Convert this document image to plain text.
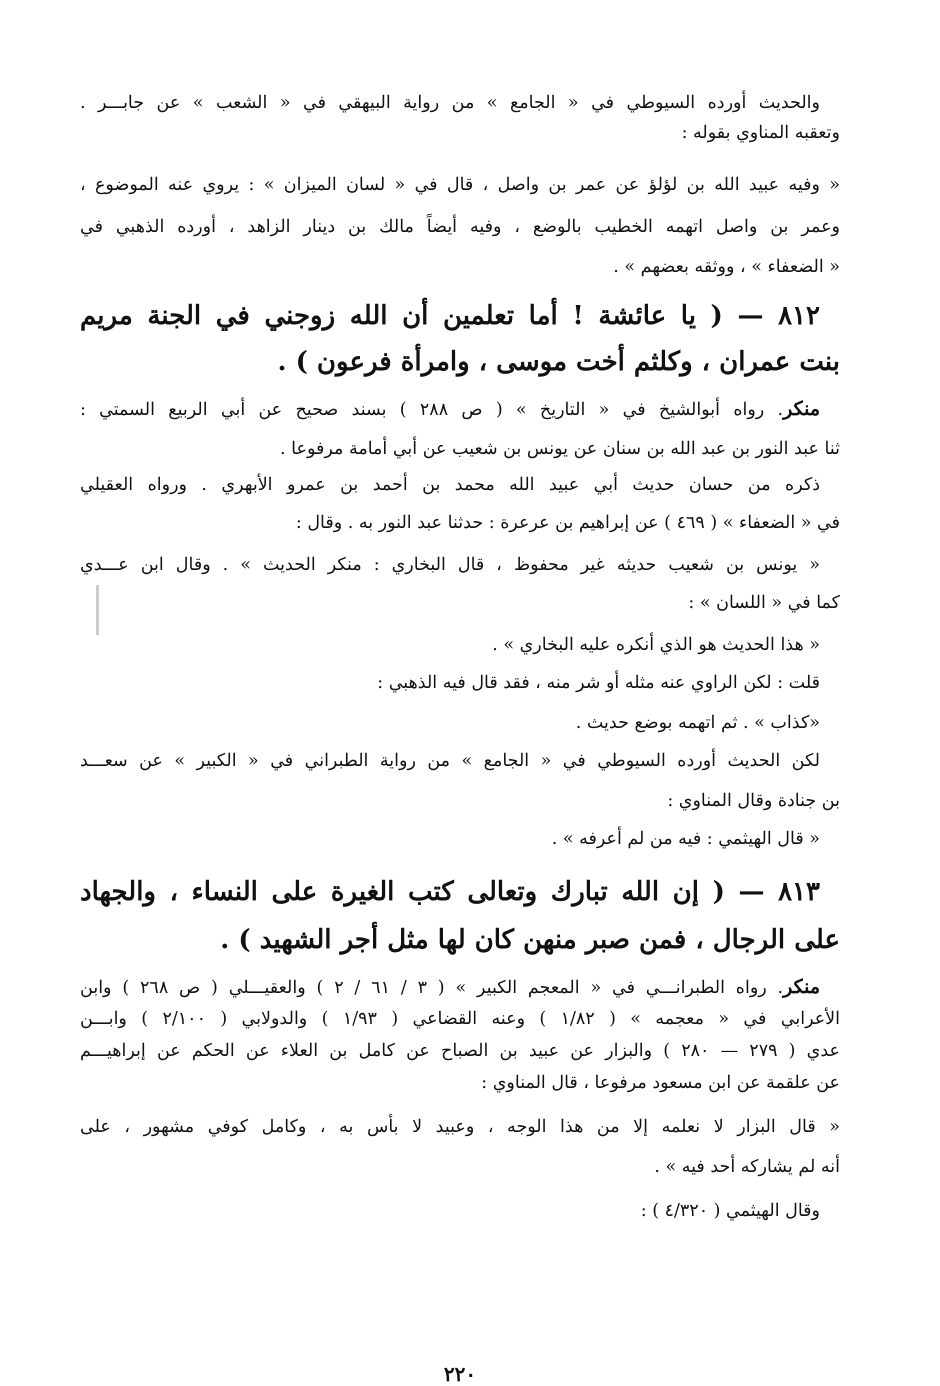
والحديث أورده السيوطي في « الجامع » من رواية البيهقي في « الشعب » عن جابـــر .
وتعقبه المناوي بقوله :
« وفيه عبيد الله بن لؤلؤ عن عمر بن واصل ، قال في « لسان الميزان » : يروي عنه الموضوع ،
وعمر بن واصل اتهمه الخطيب بالوضع ، وفيه أيضاً مالك بن دينار الزاهد ، أورده الذهبي في
« الضعفاء » ، ووثقه بعضهم » .
٨١٢ — ( يا عائشة ! أما تعلمين أن الله زوجني في الجنة مريم
بنت عمران ، وكلثم أخت موسى ، وامرأة فرعون ) .
منكر. رواه أبوالشيخ في « التاريخ » ( ص ٢٨٨ ) بسند صحيح عن أبي الربيع السمتي :
ثنا عبد النور بن عبد الله بن سنان عن يونس بن شعيب عن أبي أمامة مرفوعا .
ذكره من حسان حديث أبي عبيد الله محمد بن أحمد بن عمرو الأبهري . ورواه العقيلي
في « الضعفاء » ( ٤٦٩ ) عن إبراهيم بن عرعرة : حدثنا عبد النور به . وقال :
« يونس بن شعيب حديثه غير محفوظ ، قال البخاري : منكر الحديث » . وقال ابن عـــدي
كما في « اللسان » :
« هذا الحديث هو الذي أنكره عليه البخاري » .
قلت : لكن الراوي عنه مثله أو شر منه ، فقد قال فيه الذهبي :
«كذاب » . ثم اتهمه بوضع حديث .
لكن الحديث أورده السيوطي في « الجامع » من رواية الطبراني في « الكبير » عن سعـــد
بن جنادة وقال المناوي :
« قال الهيثمي : فيه من لم أعرفه » .
٨١٣ — ( إن الله تبارك وتعالى كتب الغيرة على النساء ، والجهاد
على الرجال ، فمن صبر منهن كان لها مثل أجر الشهيد ) .
منكر. رواه الطبرانـــي في « المعجم الكبير » ( ٣ / ٦١ / ٢ ) والعقيـــلي ( ص ٢٦٨ ) وابن
الأعرابي في « معجمه » ( ١/٨٢ ) وعنه القضاعي ( ١/٩٣ ) والدولابي ( ٢/١٠٠ ) وابـــن
عدي ( ٢٧٩ — ٢٨٠ ) والبزار عن عبيد بن الصباح عن كامل بن العلاء عن الحكم عن إبراهيـــم
عن علقمة عن ابن مسعود مرفوعا ، قال المناوي :
« قال البزار لا نعلمه إلا من هذا الوجه ، وعبيد لا بأس به ، وكامل كوفي مشهور ، على
أنه لم يشاركه أحد فيه » .
وقال الهيثمي ( ٤/٣٢٠ ) :
٢٢٠
